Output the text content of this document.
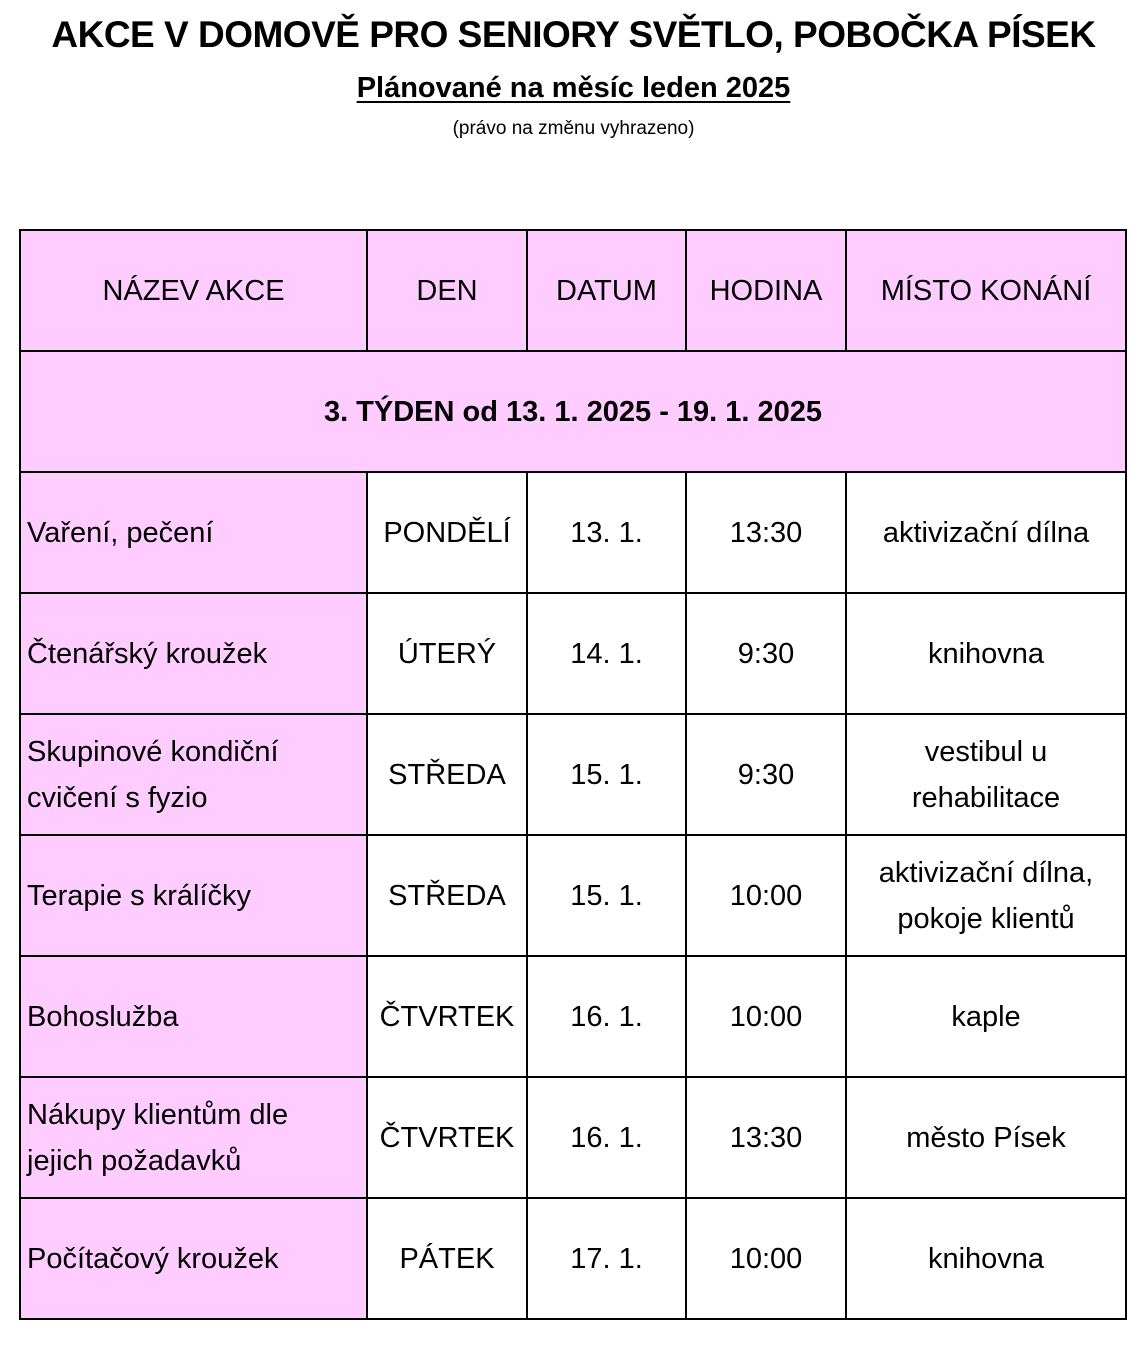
AKCE V DOMOVĚ PRO SENIORY SVĚTLO, POBOČKA PÍSEK
Plánované na měsíc leden 2025
(právo na změnu vyhrazeno)
NÁZEV AKCE	DEN	DATUM	HODINA	MÍSTO KONÁNÍ
3. TÝDEN od 13. 1. 2025 - 19. 1. 2025				
Vaření, pečení	PONDĚLÍ	13. 1.	13:30	aktivizační dílna
Čtenářský kroužek	ÚTERÝ	14. 1.	9:30	knihovna
Skupinové kondiční
cvičení s fyzio	STŘEDA	15. 1.	9:30	vestibul u
rehabilitace
Terapie s králíčky	STŘEDA	15. 1.	10:00	aktivizační dílna,
pokoje klientů
Bohoslužba	ČTVRTEK	16. 1.	10:00	kaple
Nákupy klientům dle
jejich požadavků	ČTVRTEK	16. 1.	13:30	město Písek
Počítačový kroužek	PÁTEK	17. 1.	10:00	knihovna
